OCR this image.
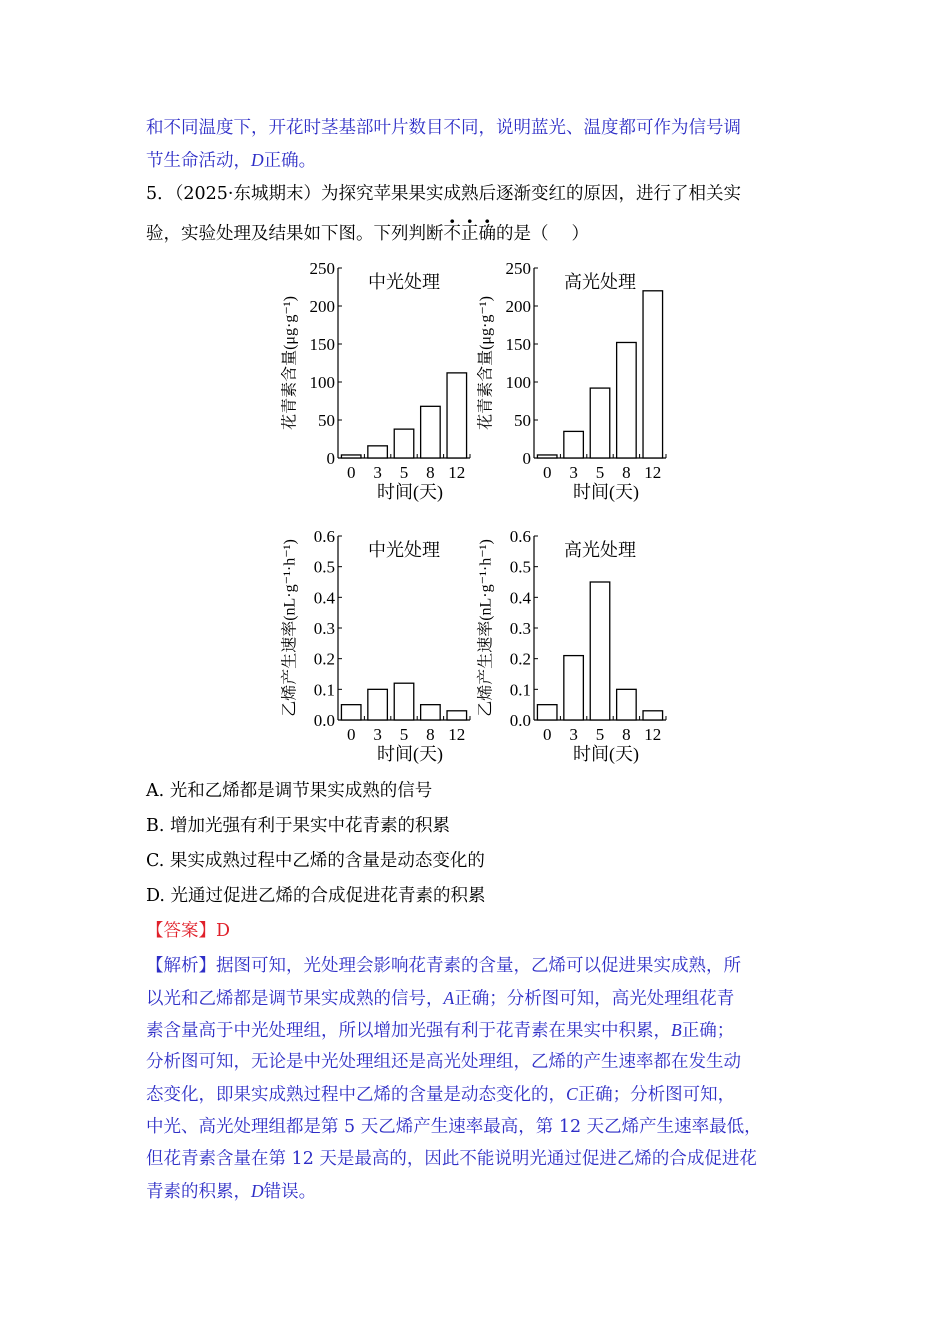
和不同温度下，开花时茎基部叶片数目不同，说明蓝光、温度都可作为信号调
节生命活动，D正确。
5．（2025·东城期末）为探究苹果果实成熟后逐渐变红的原因，进行了相关实
验，实验处理及结果如下图。下列判断不正确的是（　 ）
0
50
100
150
200
250
0 3 5 8 12
中光处理
时间(天)
花青素含量(μg·g⁻¹)
0
50
100
150
200
250
0 3 5 8 12
高光处理
时间(天)
花青素含量(μg·g⁻¹)
0.0
0.1
0.2
0.3
0.4
0.5
0.6
0 3 5 8 12
中光处理
时间(天)
乙烯产生速率(nL·g⁻¹·h⁻¹)
0.0
0.1
0.2
0.3
0.4
0.5
0.6
0 3 5 8 12
高光处理
时间(天)
乙烯产生速率(nL·g⁻¹·h⁻¹)
A. 光和乙烯都是调节果实成熟的信号
B. 增加光强有利于果实中花青素的积累
C. 果实成熟过程中乙烯的含量是动态变化的
D. 光通过促进乙烯的合成促进花青素的积累
【答案】D
【解析】据图可知，光处理会影响花青素的含量，乙烯可以促进果实成熟，所
以光和乙烯都是调节果实成熟的信号，A正确；分析图可知，高光处理组花青
素含量高于中光处理组，所以增加光强有利于花青素在果实中积累，B正确；
分析图可知，无论是中光处理组还是高光处理组，乙烯的产生速率都在发生动
态变化，即果实成熟过程中乙烯的含量是动态变化的，C正确；分析图可知，
中光、高光处理组都是第 5 天乙烯产生速率最高，第 12 天乙烯产生速率最低，
但花青素含量在第 12 天是最高的，因此不能说明光通过促进乙烯的合成促进花
青素的积累，D错误。
